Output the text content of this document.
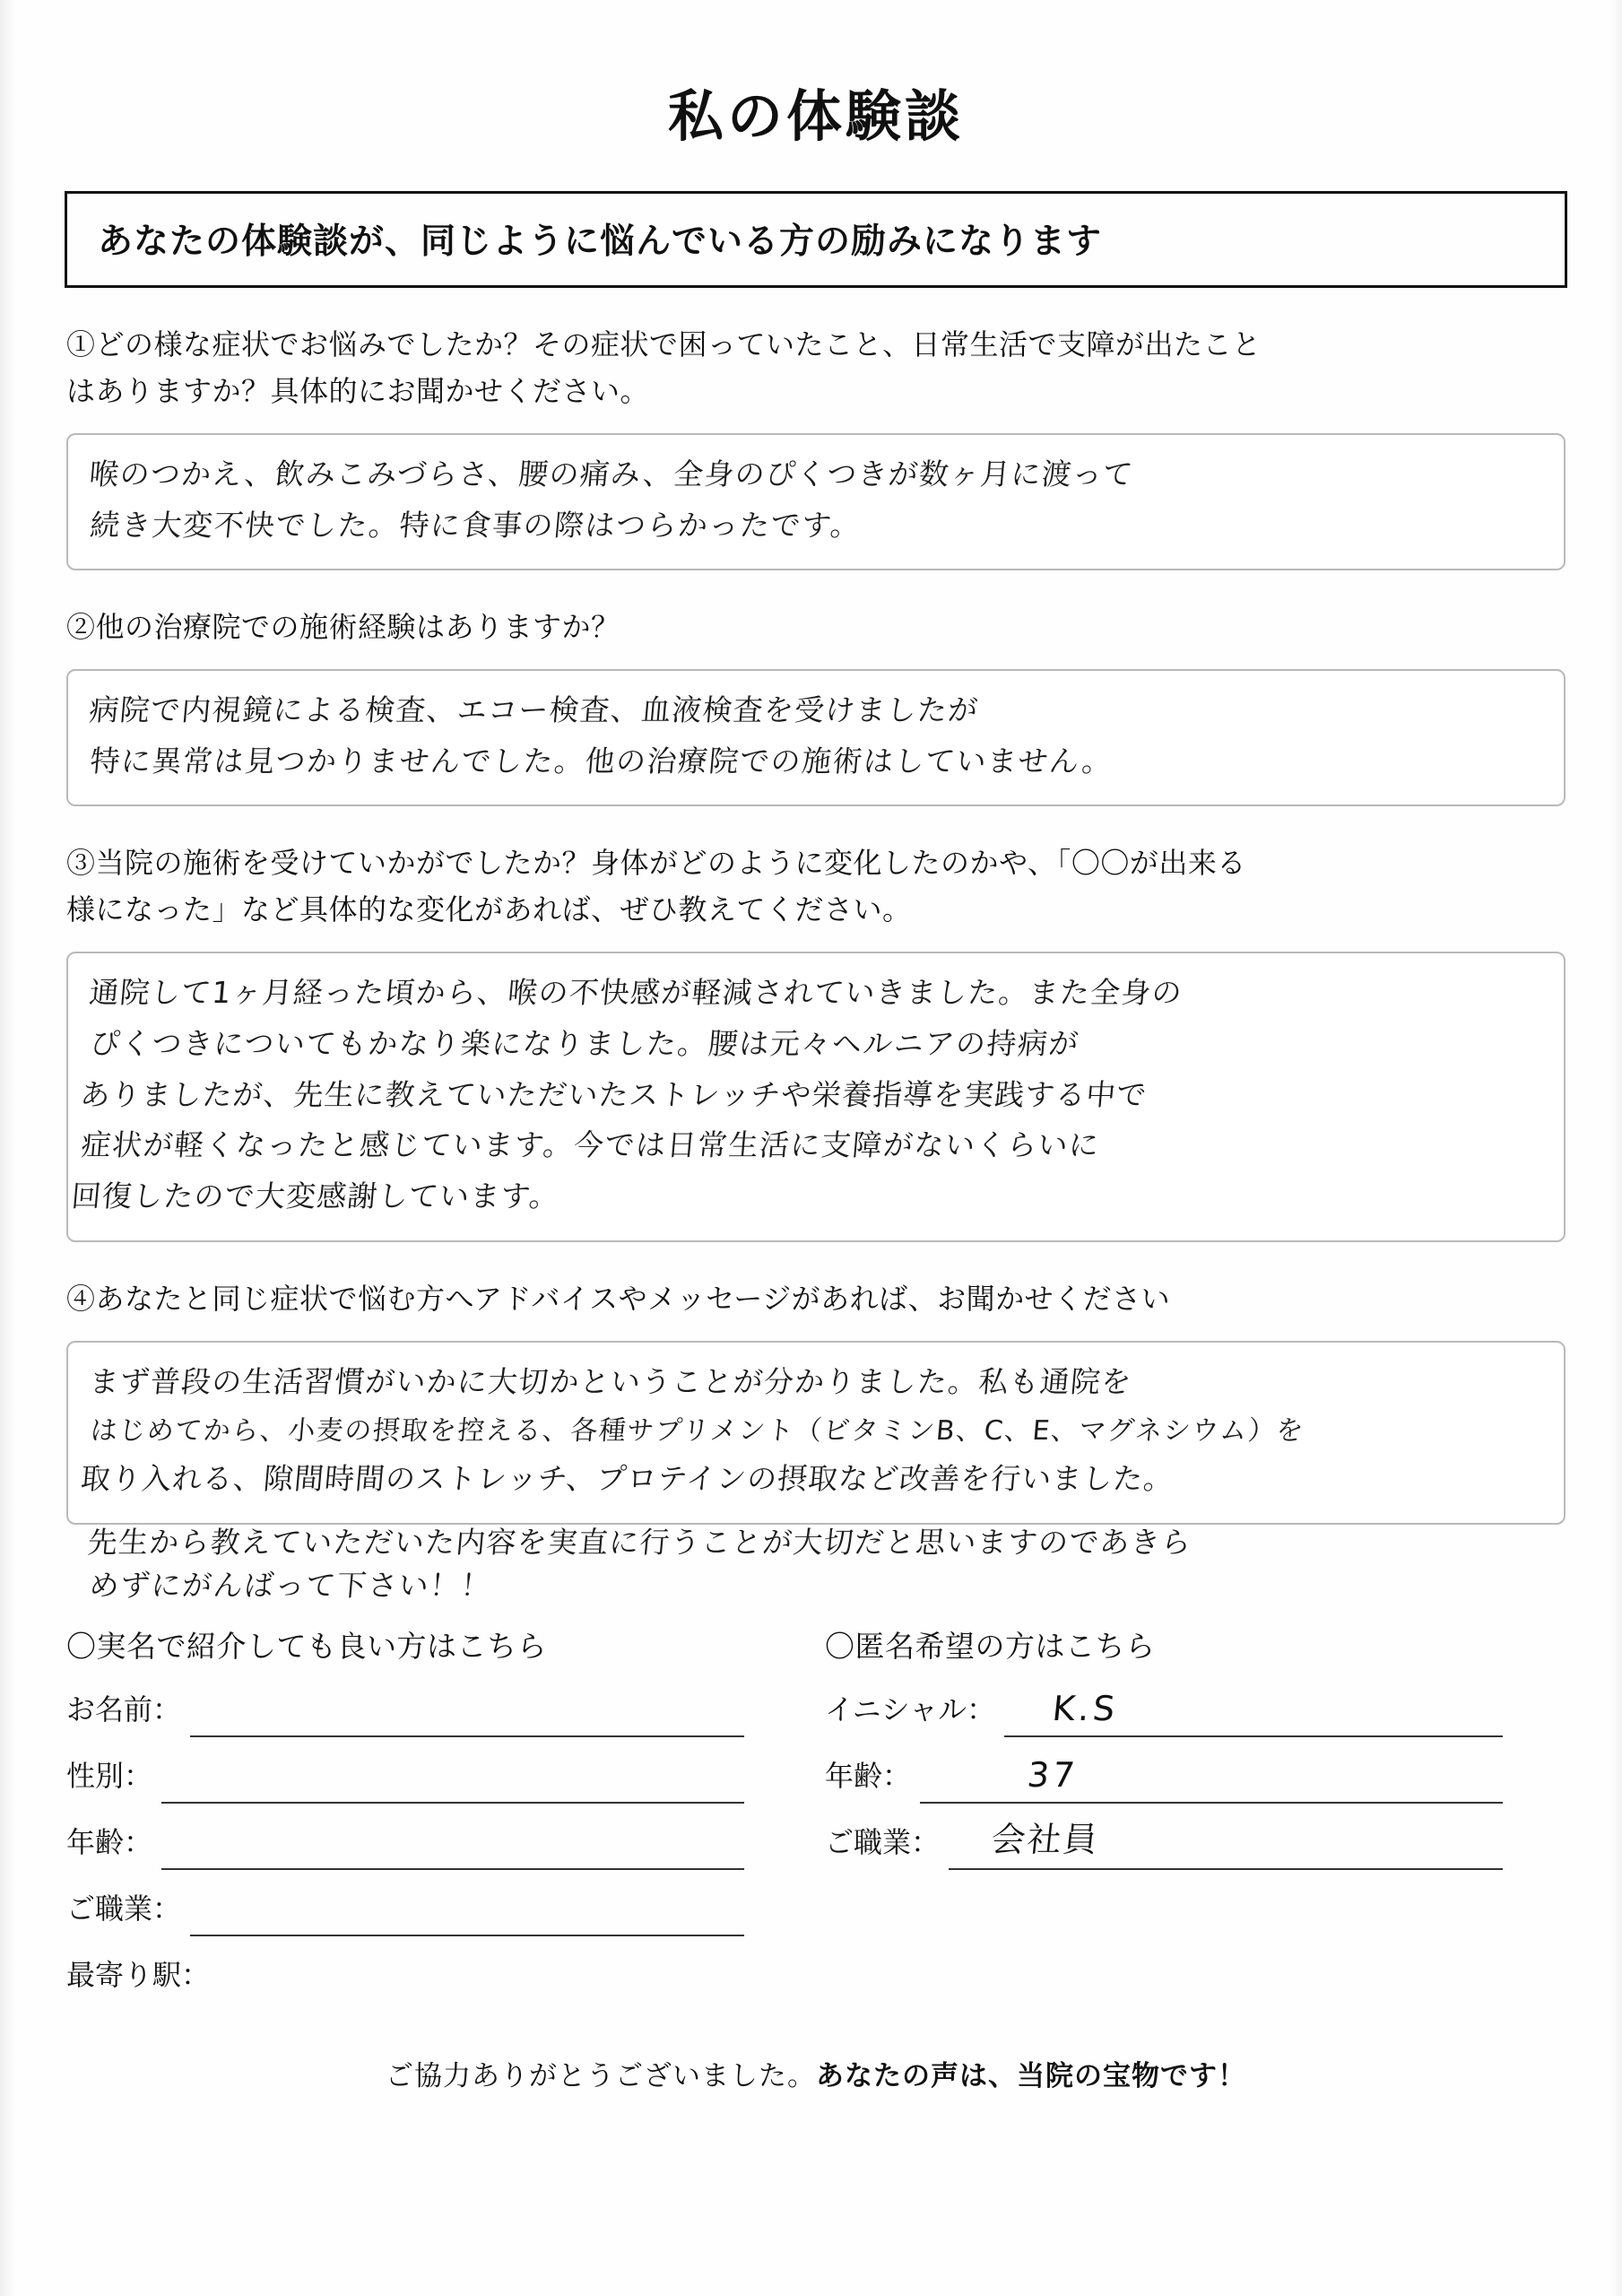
私の体験談
あなたの体験談が、同じように悩んでいる方の励みになります
①どの様な症状でお悩みでしたか？その症状で困っていたこと、日常生活で支障が出たこと
はありますか？具体的にお聞かせください。
喉のつかえ、飲みこみづらさ、腰の痛み、全身のぴくつきが数ヶ月に渡って
続き大変不快でした。特に食事の際はつらかったです。
②他の治療院での施術経験はありますか？
病院で内視鏡による検査、エコー検査、血液検査を受けましたが
特に異常は見つかりませんでした。他の治療院での施術はしていません。
③当院の施術を受けていかがでしたか？身体がどのように変化したのかや、「〇〇が出来る
様になった」など具体的な変化があれば、ぜひ教えてください。
通院して1ヶ月経った頃から、喉の不快感が軽減されていきました。また全身の
ぴくつきについてもかなり楽になりました。腰は元々ヘルニアの持病が
ありましたが、先生に教えていただいたストレッチや栄養指導を実践する中で
症状が軽くなったと感じています。今では日常生活に支障がないくらいに
回復したので大変感謝しています。
④あなたと同じ症状で悩む方へアドバイスやメッセージがあれば、お聞かせください
まず普段の生活習慣がいかに大切かということが分かりました。私も通院を
はじめてから、小麦の摂取を控える、各種サプリメント（ビタミンB、C、E、マグネシウム）を
取り入れる、隙間時間のストレッチ、プロテインの摂取など改善を行いました。
先生から教えていただいた内容を実直に行うことが大切だと思いますのであきら
めずにがんばって下さい！！
〇実名で紹介しても良い方はこちら
お名前：
性別：
年齢：
ご職業：
最寄り駅：
〇匿名希望の方はこちら
イニシャル： K.S
年齢：	37
ご職業： 会社員
ご協力ありがとうございました。あなたの声は、当院の宝物です！
